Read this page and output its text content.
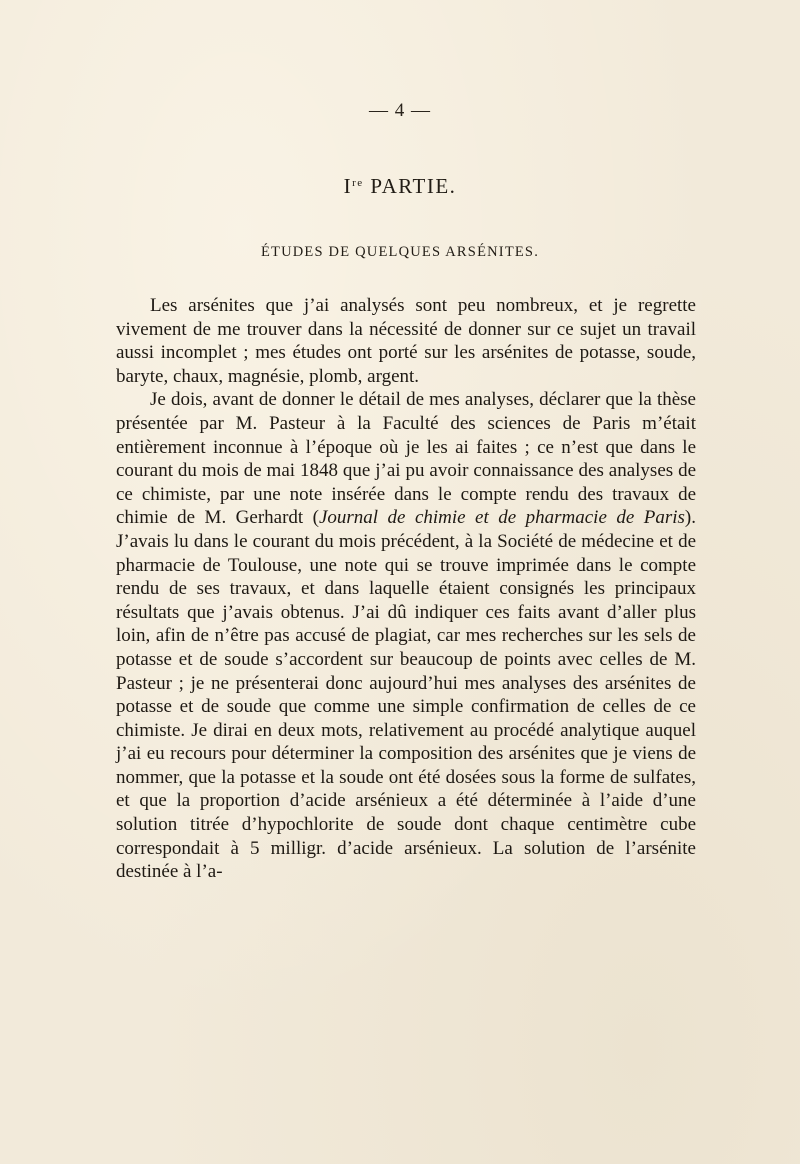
— 4 —
Ire PARTIE.
ÉTUDES DE QUELQUES ARSÉNITES.

Les arsénites que j’ai analysés sont peu nombreux, et je regrette vivement de me trouver dans la nécessité de donner sur ce sujet un travail aussi incomplet ; mes études ont porté sur les arsénites de potasse, soude, baryte, chaux, magnésie, plomb, argent.

Je dois, avant de donner le détail de mes analyses, déclarer que la thèse présentée par M. Pasteur à la Faculté des sciences de Paris m’était entièrement inconnue à l’époque où je les ai faites ; ce n’est que dans le courant du mois de mai 1848 que j’ai pu avoir connaissance des analyses de ce chimiste, par une note insérée dans le compte rendu des travaux de chimie de M. Gerhardt (Journal de chimie et de pharmacie de Paris). J’avais lu dans le courant du mois précédent, à la Société de médecine et de pharmacie de Toulouse, une note qui se trouve imprimée dans le compte rendu de ses travaux, et dans laquelle étaient consignés les principaux résultats que j’avais obtenus. J’ai dû indiquer ces faits avant d’aller plus loin, afin de n’être pas accusé de plagiat, car mes recherches sur les sels de potasse et de soude s’accordent sur beaucoup de points avec celles de M. Pasteur ; je ne présenterai donc aujourd’hui mes analyses des arsénites de potasse et de soude que comme une simple confirmation de celles de ce chimiste. Je dirai en deux mots, relativement au procédé analytique auquel j’ai eu recours pour déterminer la composition des arsénites que je viens de nommer, que la potasse et la soude ont été dosées sous la forme de sulfates, et que la proportion d’acide arsénieux a été déterminée à l’aide d’une solution titrée d’hypochlorite de soude dont chaque centimètre cube correspondait à 5 milligr. d’acide arsénieux. La solution de l’arsénite destinée à l’a-
